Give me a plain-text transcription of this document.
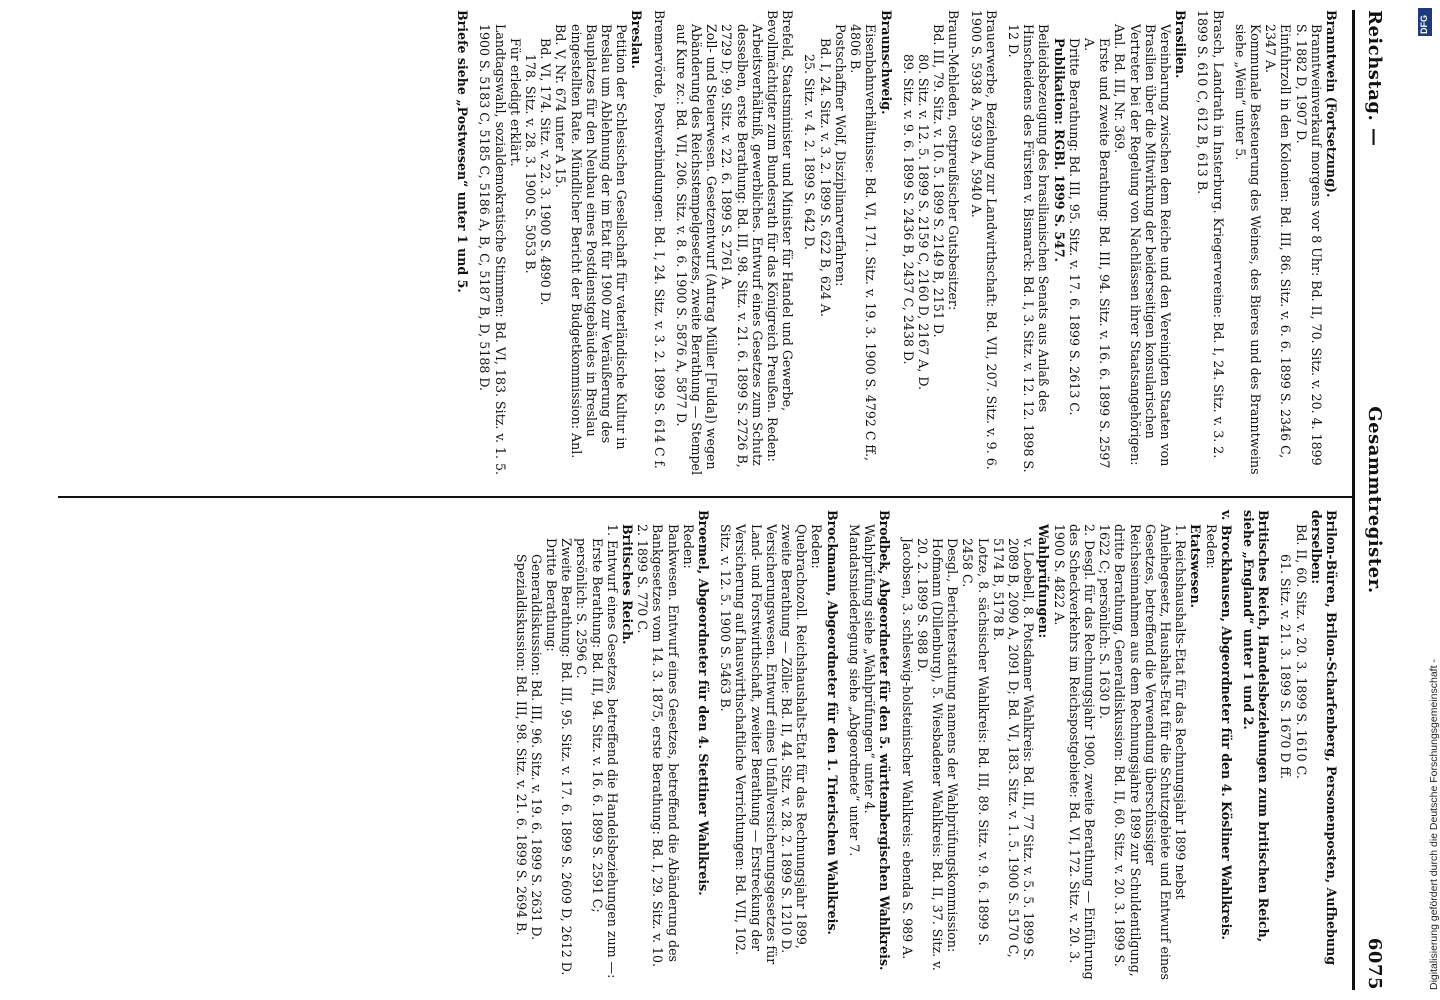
Reichstag. —
Gesammtregister.
6075

Branntwein (Fortsetzung).

Branntweinverkauf morgens vor 8 Uhr: Bd. II, 70. Sitz. v. 20. 4. 1899 S. 1882 D, 1907 D.

Einfuhrzoll in den Kolonien: Bd. III, 86. Sitz. v. 6. 6. 1899 S. 2346 C, 2347 A.

Kommunale Besteuerung des Weines, des Bieres und des Branntweins siehe „Wein“ unter 5.

Brasch, Landrath in Insterburg. Kriegervereine: Bd. I, 24. Sitz. v. 3. 2. 1899 S. 610 C, 612 B, 613 B.

Brasilien.

Vereinbarung zwischen dem Reiche und den Vereinigten Staaten von Brasilien über die Mitwirkung der beiderseitigen konsularischen Vertreter bei der Regelung von Nachlässen ihrer Staatsangehörigen: Anl. Bd. III, Nr. 369.

Erste und zweite Berathung: Bd. III, 94. Sitz. v. 16. 6. 1899 S. 2597 A.

Dritte Berathung: Bd. III, 95. Sitz. v. 17. 6. 1899 S. 2613 C.

Publikation: RGBl. 1899 S. 547.

Beileidsbezeugung des brasilianischen Senats aus Anlaß des Hinscheidens des Fürsten v. Bismarck: Bd. I, 3. Sitz. v. 12. 12. 1898 S. 12 D.

Brauerwerbe, Beziehung zur Landwirthschaft: Bd. VII, 207. Sitz. v. 9. 6. 1900 S. 5938 A, 5939 A, 5940 A.

Braun-Mehleden, ostpreußischer Gutsbesitzer:

Bd. III, 79. Sitz. v. 10. 5. 1899 S. 2149 B, 2151 D.

80. Sitz. v. 12. 5. 1899 S. 2159 C, 2160 D, 2167 A, D.

89. Sitz. v. 9. 6. 1899 S. 2436 B, 2437 C, 2438 D.

Braunschweig.

Eisenbahnverhältnisse: Bd. VI, 171. Sitz. v. 19. 3. 1900 S. 4792 C ff., 4806 B.

Postschaffner Wolf, Disziplinarverfahren:

Bd. I, 24. Sitz. v. 3. 2. 1899 S. 622 B, 624 A.

25. Sitz. v. 4. 2. 1899 S. 642 D.

Brefeld, Staatsminister und Minister für Handel und Gewerbe, Bevollmächtigter zum Bundesrath für das Königreich Preußen. Reden:

Arbeitsverhältniß, gewerbliches. Entwurf eines Gesetzes zum Schutz desselben, erste Berathung: Bd. III, 98. Sitz. v. 21. 6. 1899 S. 2726 B, 2729 D; 99. Sitz. v. 22. 6. 1899 S. 2761 A.

Zoll- und Steuerwesen. Gesetzentwurf (Antrag Müller [Fulda]) wegen Abänderung des Reichsstempelgesetzes, zweite Berathung — Stempel auf Kure zc.: Bd. VII, 206. Sitz. v. 8. 6. 1900 S. 5876 A, 5877 D.

Bremervörde, Postverbindungen: Bd. I, 24. Sitz. v. 3. 2. 1899 S. 614 C f.

Breslau.

Petition der Schlesischen Gesellschaft für vaterländische Kultur in Breslau um Ablehnung der im Etat für 1900 zur Veräußerung des Bauplatzes für den Neubau eines Postdienstgebäudes in Breslau eingestellten Rate. Mündlicher Bericht der Budgetkommission: Anl. Bd. V, Nr. 674 unter A 15.

Bd. VI, 174. Sitz. v. 22. 3. 1900 S. 4890 D.

178. Sitz. v. 28. 3. 1900 S. 5053 B.

Für erledigt erklärt.

Landtagswahl, sozialdemokratische Stimmen: Bd. VI, 183. Sitz. v. 1. 5. 1900 S. 5183 C, 5185 C, 5186 A, B, C, 5187 B, D, 5188 D.

Briefe siehe „Postwesen“ unter 1 und 5.

Brilon-Büren, Brilon-Scharfenberg, Personenposten, Aufhebung derselben:

Bd. II, 60. Sitz. v. 20. 3. 1899 S. 1610 C.

61. Sitz. v. 21. 3. 1899 S. 1670 D ff.

Britisches Reich, Handelsbeziehungen zum britischen Reich, siehe „England“ unter 1 und 2.

v. Brockhausen, Abgeordneter für den 4. Kösliner Wahlkreis.

Reden:

Etatswesen.

1. Reichshaushalts-Etat für das Rechnungsjahr 1899 nebst Anleihegesetz, Haushalts-Etat für die Schutzgebiete und Entwurf eines Gesetzes, betreffend die Verwendung überschüssiger Reichseinnahmen aus dem Rechnungsjahre 1899 zur Schuldentilgung, dritte Berathung, Generaldiskussion: Bd. II, 60. Sitz. v. 20. 3. 1899 S. 1622 C; persönlich: S. 1630 D.

2. Desgl. für das Rechnungsjahr 1900, zweite Berathung — Einführung des Scheckverkehrs im Reichspostgebiete: Bd. VI, 172. Sitz. v. 20. 3. 1900 S. 4822 A.

Wahlprüfungen:

v. Loebell, 8. Potsdamer Wahlkreis: Bd. III, 77 Sitz. v. 5. 5. 1899 S. 2089 B, 2090 A, 2091 D; Bd. VI, 183. Sitz. v. 1. 5. 1900 S. 5170 C, 5174 B, 5178 B.

Lotze, 8. sächsischer Wahlkreis: Bd. III, 89. Sitz. v. 9. 6. 1899 S. 2458 C.

Desgl., Berichterstattung namens der Wahlprüfungskommission: Hofmann (Dillenburg), 5. Wiesbadener Wahlkreis: Bd. II, 37. Sitz. v. 20. 2. 1899 S. 988 D.

Jacobsen, 3. schleswig-holsteinischer Wahlkreis: ebenda S. 989 A.

Brodbek, Abgeordneter für den 5. württembergischen Wahlkreis.

Wahlprüfung siehe „Wahlprüfungen“ unter 4.

Mandatsniederlegung siehe „Abgeordnete“ unter 7.

Brockmann, Abgeordneter für den 1. Trierischen Wahlkreis.

Reden:

Quebrachozoll. Reichshaushalts-Etat für das Rechnungsjahr 1899, zweite Berathung — Zölle: Bd. II, 44. Sitz. v. 28. 2. 1899 S. 1210 D.

Versicherungswesen. Entwurf eines Unfallversicherungsgesetzes für Land- und Forstwirthschaft, zweiter Berathung — Erstreckung der Versicherung auf hauswirthschaftliche Verrichtungen: Bd. VII, 102. Sitz. v. 12. 5. 1900 S. 5463 B.

Broemel, Abgeordneter für den 4. Stettiner Wahlkreis.

Reden:

Bankwesen. Entwurf eines Gesetzes, betreffend die Abänderung des Bankgesetzes vom 14. 3. 1875, erste Berathung: Bd. I, 29. Sitz. v. 10. 2. 1899 S. 770 C.

Britisches Reich.

1. Entwurf eines Gesetzes, betreffend die Handelsbeziehungen zum —:

Erste Berathung: Bd. III, 94. Sitz. v. 16. 6. 1899 S. 2591 C; persönlich: S. 2596 C.

Zweite Berathung: Bd. III, 95. Sitz. v. 17. 6. 1899 S. 2609 D, 2612 D.

Dritte Berathung:

Generaldiskussion: Bd. III, 96. Sitz. v. 19. 6. 1899 S. 2631 D.

Spezialdiskussion: Bd. III, 98. Sitz. v. 21. 6. 1899 S. 2694 B.

DFG
Digitalisierung gefördert durch die Deutsche Forschungsgemeinschaft -
